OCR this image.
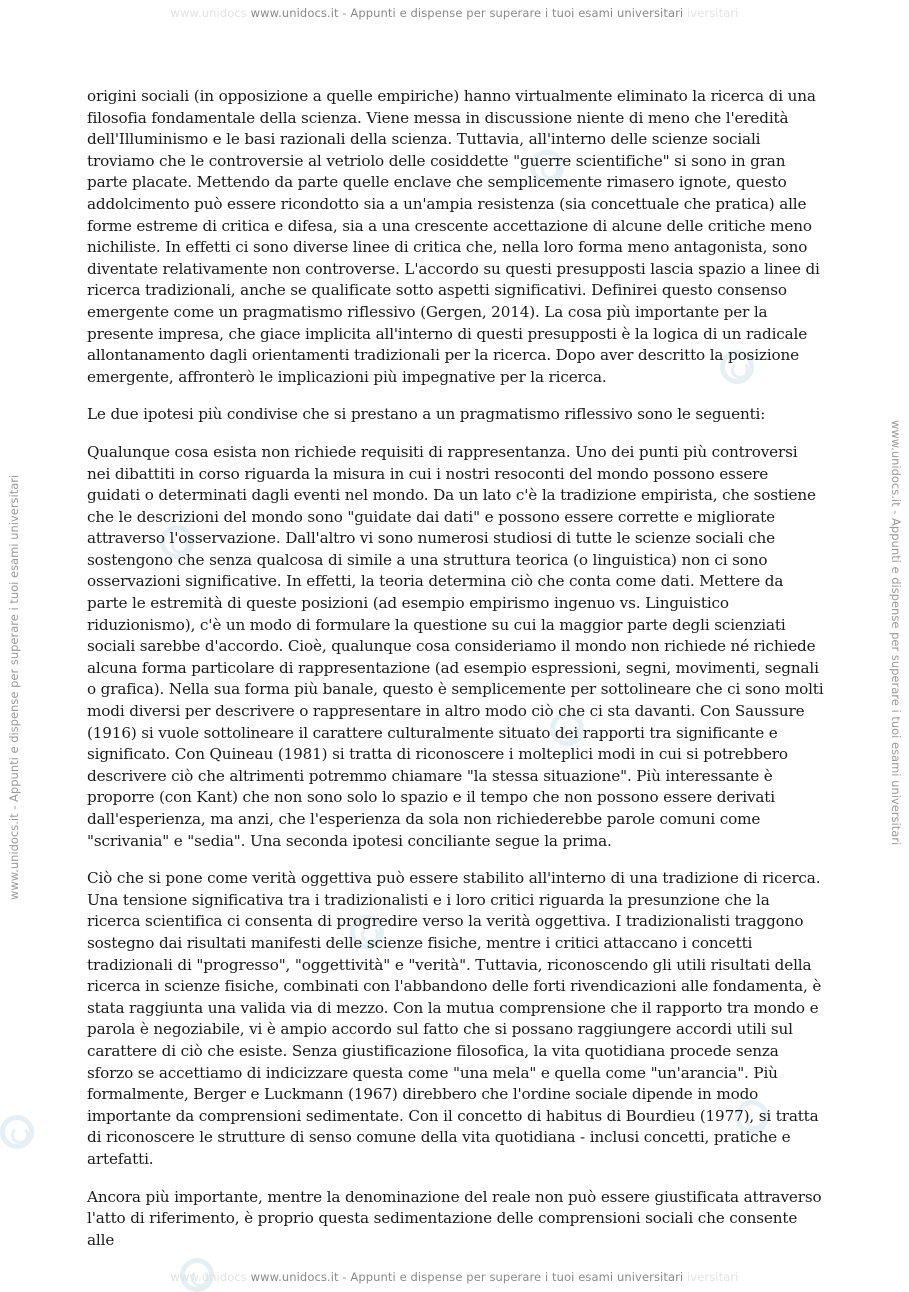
www.unidocs www.unidocs.it - Appunti e dispense per superare i tuoi esami universitari iversitari
www.unidocs.it - Appunti e dispense per superare i tuoi esami universitari	www.unidocs.it - Appunti e dispense per superare i tuoi esami universitari

origini sociali (in opposizione a quelle empiriche) hanno virtualmente eliminato la ricerca di una filosofia fondamentale della scienza. Viene messa in discussione niente di meno che l'eredità dell'Illuminismo e le basi razionali della scienza. Tuttavia, all'interno delle scienze sociali troviamo che le controversie al vetriolo delle cosiddette "guerre scientifiche" si sono in gran parte placate. Mettendo da parte quelle enclave che semplicemente rimasero ignote, questo addolcimento può essere ricondotto sia a un'ampia resistenza (sia concettuale che pratica) alle forme estreme di critica e difesa, sia a una crescente accettazione di alcune delle critiche meno nichiliste. In effetti ci sono diverse linee di critica che, nella loro forma meno antagonista, sono diventate relativamente non controverse. L'accordo su questi presupposti lascia spazio a linee di ricerca tradizionali, anche se qualificate sotto aspetti significativi. Definirei questo consenso emergente come un pragmatismo riflessivo (Gergen, 2014). La cosa più importante per la presente impresa, che giace implicita all'interno di questi presupposti è la logica di un radicale allontanamento dagli orientamenti tradizionali per la ricerca. Dopo aver descritto la posizione emergente, affronterò le implicazioni più impegnative per la ricerca.

Le due ipotesi più condivise che si prestano a un pragmatismo riflessivo sono le seguenti:

Qualunque cosa esista non richiede requisiti di rappresentanza. Uno dei punti più controversi nei dibattiti in corso riguarda la misura in cui i nostri resoconti del mondo possono essere guidati o determinati dagli eventi nel mondo. Da un lato c'è la tradizione empirista, che sostiene che le descrizioni del mondo sono "guidate dai dati" e possono essere corrette e migliorate attraverso l'osservazione. Dall'altro vi sono numerosi studiosi di tutte le scienze sociali che sostengono che senza qualcosa di simile a una struttura teorica (o linguistica) non ci sono osservazioni significative. In effetti, la teoria determina ciò che conta come dati. Mettere da parte le estremità di queste posizioni (ad esempio empirismo ingenuo vs. Linguistico riduzionismo), c'è un modo di formulare la questione su cui la maggior parte degli scienziati sociali sarebbe d'accordo. Cioè, qualunque cosa consideriamo il mondo non richiede né richiede alcuna forma particolare di rappresentazione (ad esempio espressioni, segni, movimenti, segnali o grafica). Nella sua forma più banale, questo è semplicemente per sottolineare che ci sono molti modi diversi per descrivere o rappresentare in altro modo ciò che ci sta davanti. Con Saussure (1916) si vuole sottolineare il carattere culturalmente situato dei rapporti tra significante e significato. Con Quineau (1981) si tratta di riconoscere i molteplici modi in cui si potrebbero descrivere ciò che altrimenti potremmo chiamare "la stessa situazione". Più interessante è proporre (con Kant) che non sono solo lo spazio e il tempo che non possono essere derivati dall'esperienza, ma anzi, che l'esperienza da sola non richiederebbe parole comuni come "scrivania" e "sedia". Una seconda ipotesi conciliante segue la prima.

Ciò che si pone come verità oggettiva può essere stabilito all'interno di una tradizione di ricerca. Una tensione significativa tra i tradizionalisti e i loro critici riguarda la presunzione che la ricerca scientifica ci consenta di progredire verso la verità oggettiva. I tradizionalisti traggono sostegno dai risultati manifesti delle scienze fisiche, mentre i critici attaccano i concetti tradizionali di "progresso", "oggettività" e "verità". Tuttavia, riconoscendo gli utili risultati della ricerca in scienze fisiche, combinati con l'abbandono delle forti rivendicazioni alle fondamenta, è stata raggiunta una valida via di mezzo. Con la mutua comprensione che il rapporto tra mondo e parola è negoziabile, vi è ampio accordo sul fatto che si possano raggiungere accordi utili sul carattere di ciò che esiste. Senza giustificazione filosofica, la vita quotidiana procede senza sforzo se accettiamo di indicizzare questa come "una mela" e quella come "un'arancia". Più formalmente, Berger e Luckmann (1967) direbbero che l'ordine sociale dipende in modo importante da comprensioni sedimentate. Con il concetto di habitus di Bourdieu (1977), si tratta di riconoscere le strutture di senso comune della vita quotidiana - inclusi concetti, pratiche e artefatti.

Ancora più importante, mentre la denominazione del reale non può essere giustificata attraverso l'atto di riferimento, è proprio questa sedimentazione delle comprensioni sociali che consente alle

www.unidocs www.unidocs.it - Appunti e dispense per superare i tuoi esami universitari iversitari
